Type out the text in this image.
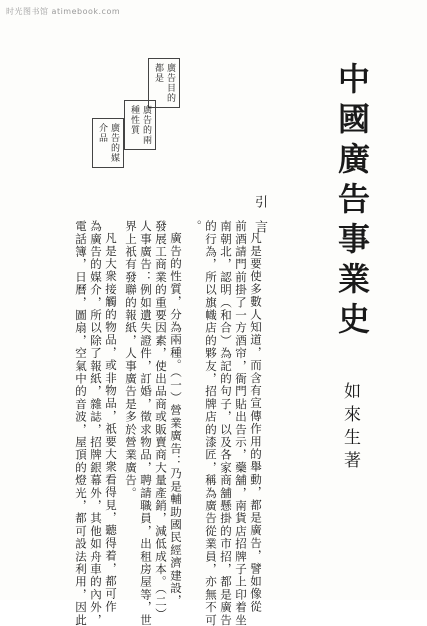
时光图书馆 atimebook.com
中國廣告事業史
如來生著
引言
凡是要使多數人知道，而含有宣傳作用的舉動，都是廣告，譬如像從
前酒請門前掛了一方酒帘，衙門貼出告示，藥舖，南貨店招牌子上印着坐
南朝北，認明（和合）為記的句子，以及各家商舖懸掛的市招，都是廣告
的行為，所以旗幟店的夥友，招牌店的漆匠，稱為廣告從業員，亦無不可
。
廣告的性質，分為兩種。（一）營業廣告：乃是輔助國民經濟建設，
發展工商業的重要因素，使出品商或販賣商大量產銷，減低成本。（二）
人事廣告：例如遺失證件，訂婚，徵求物品，聘請職員，出租房屋等，世
界上祇有發聯的報紙，人事廣告是多於營業廣告。
凡是大衆接觸的物品，或非物品，祇要大衆看得見，聽得着，都可作
為廣告的媒介，所以除了報紙，雜誌，招牌銀幕外，其他如舟車的內外，
電話簿，日曆，圖扇，空氣中的音波，屋頂的燈光，都可設法利用，因此
廣告目的
都是
廣告的兩
種性質
廣告的媒
介品
